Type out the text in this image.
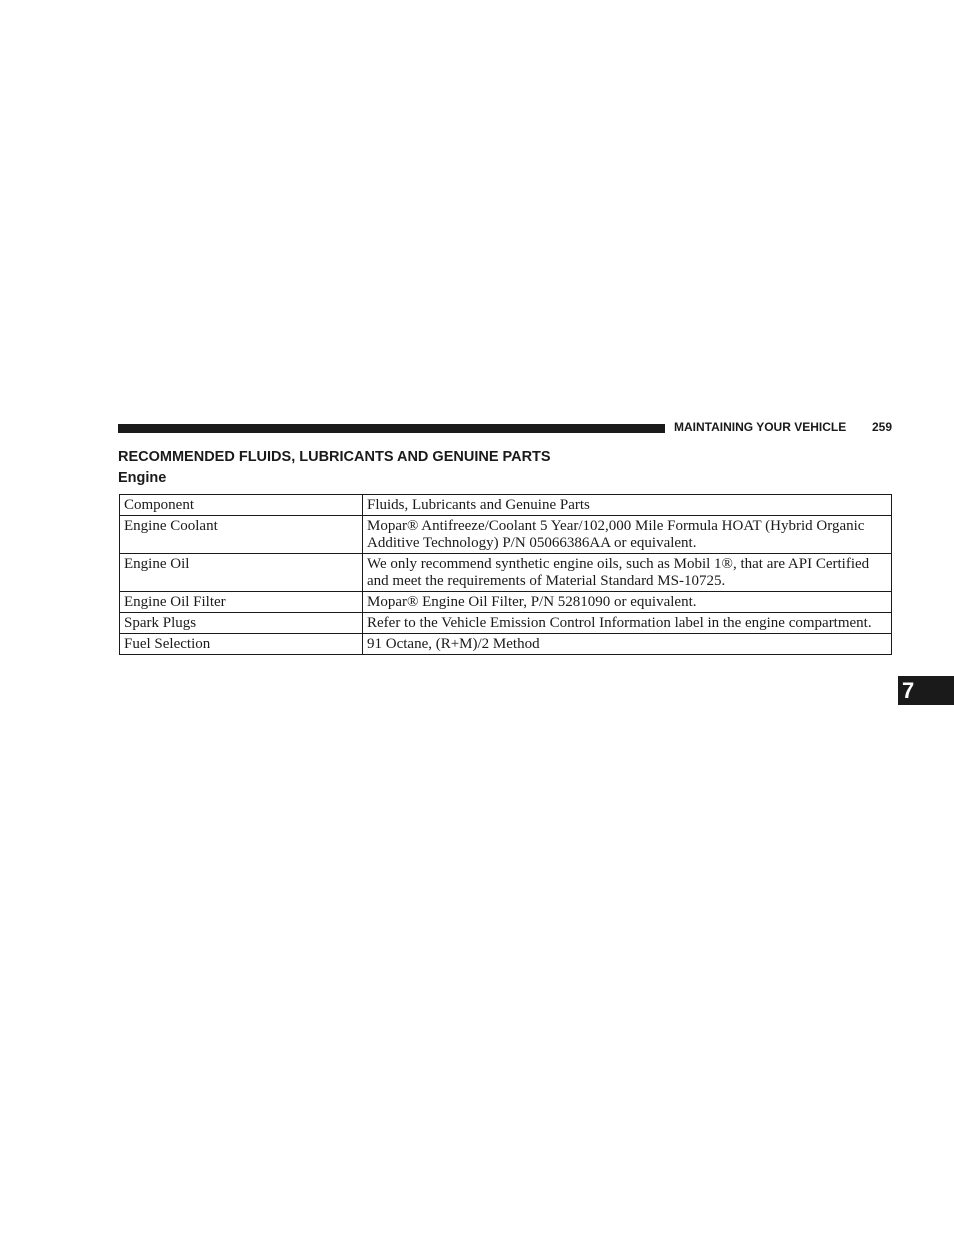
MAINTAINING YOUR VEHICLE 259
RECOMMENDED FLUIDS, LUBRICANTS AND GENUINE PARTS
Engine
Component	Fluids, Lubricants and Genuine Parts
Engine Coolant	Mopar® Antifreeze/Coolant 5 Year/102,000 Mile Formula HOAT (Hybrid Organic Additive Technology) P/N 05066386AA or equivalent.
Engine Oil	We only recommend synthetic engine oils, such as Mobil 1®, that are API Certified and meet the requirements of Material Standard MS-10725.
Engine Oil Filter	Mopar® Engine Oil Filter, P/N 5281090 or equivalent.
Spark Plugs	Refer to the Vehicle Emission Control Information label in the engine compartment.
Fuel Selection	91 Octane, (R+M)/2 Method
7
